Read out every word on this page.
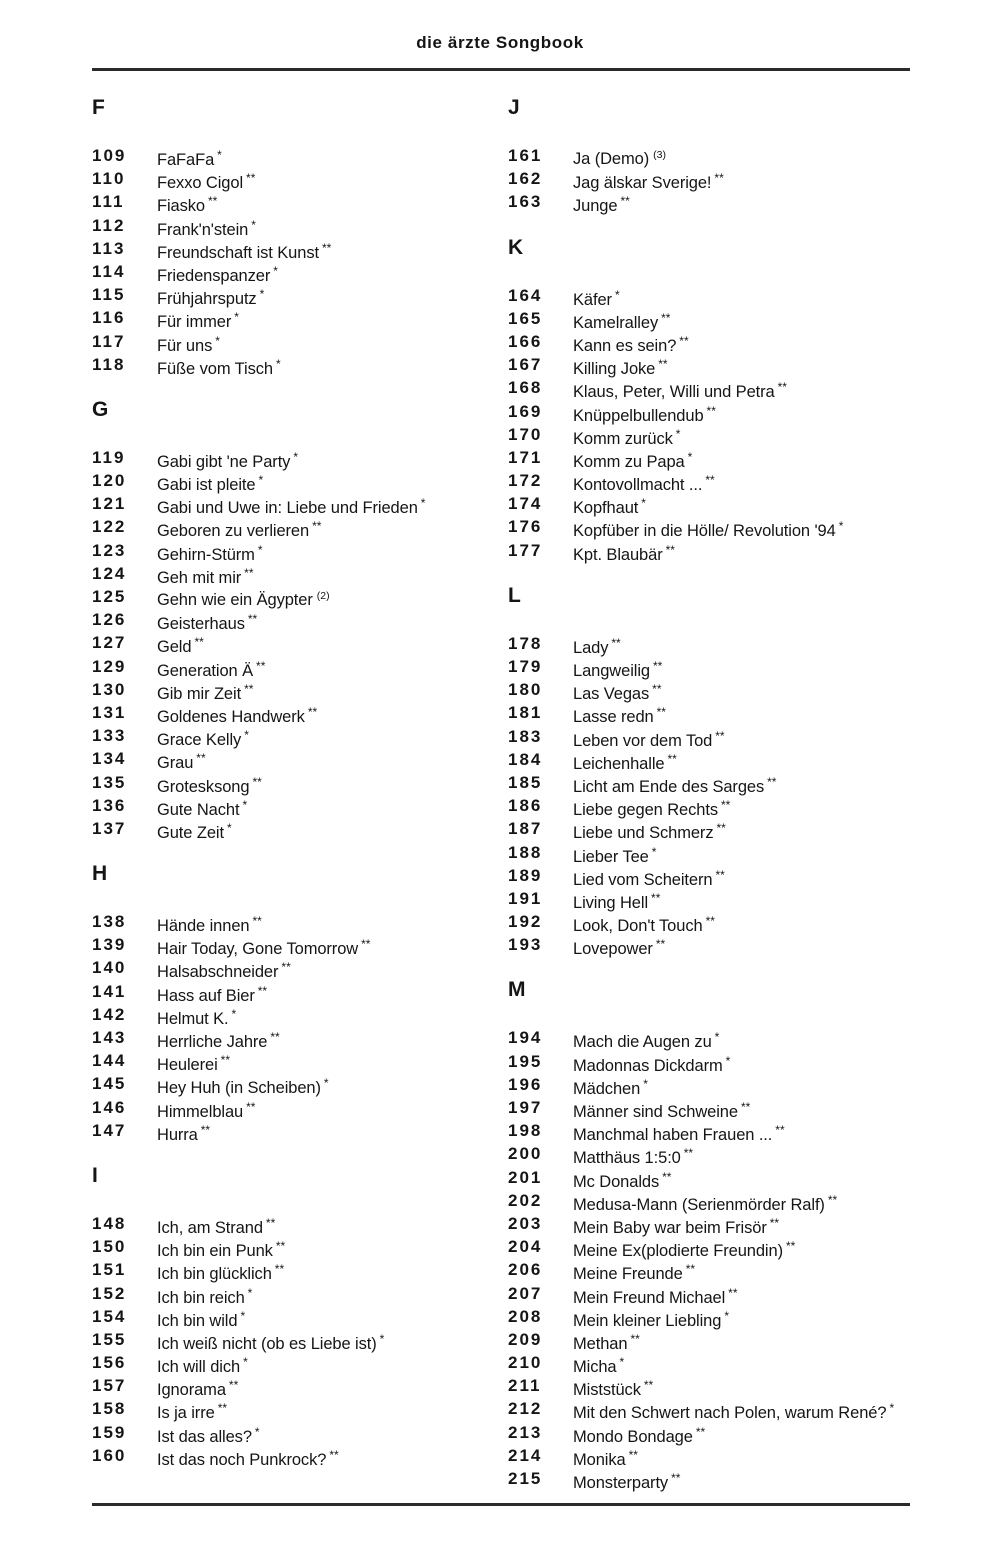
die ärzte Songbook
F
109	FaFaFa *
110	Fexxo Cigol **
111	Fiasko **
112	Frank'n'stein *
113	Freundschaft ist Kunst **
114	Friedenspanzer *
115	Frühjahrsputz *
116	Für immer *
117	Für uns *
118	Füße vom Tisch *
G
119	Gabi gibt 'ne Party *
120	Gabi ist pleite *
121	Gabi und Uwe in: Liebe und Frieden *
122	Geboren zu verlieren **
123	Gehirn-Stürm *
124	Geh mit mir **
125	Gehn wie ein Ägypter $^{(2)}$
126	Geisterhaus **
127	Geld **
129	Generation Ä **
130	Gib mir Zeit **
131	Goldenes Handwerk **
133	Grace Kelly *
134	Grau **
135	Grotesksong **
136	Gute Nacht *
137	Gute Zeit *
H
138	Hände innen **
139	Hair Today, Gone Tomorrow **
140	Halsabschneider **
141	Hass auf Bier **
142	Helmut K. *
143	Herrliche Jahre **
144	Heulerei **
145	Hey Huh (in Scheiben) *
146	Himmelblau **
147	Hurra **
I
148	Ich, am Strand **
150	Ich bin ein Punk **
151	Ich bin glücklich **
152	Ich bin reich *
154	Ich bin wild *
155	Ich weiß nicht (ob es Liebe ist) *
156	Ich will dich *
157	Ignorama **
158	Is ja irre **
159	Ist das alles? *
160	Ist das noch Punkrock? **
J
161	Ja (Demo) $^{(3)}$
162	Jag älskar Sverige! **
163	Junge **
K
164	Käfer *
165	Kamelralley **
166	Kann es sein? **
167	Killing Joke **
168	Klaus, Peter, Willi und Petra **
169	Knüppelbullendub **
170	Komm zurück *
171	Komm zu Papa *
172	Kontovollmacht ... **
174	Kopfhaut *
176	Kopfüber in die Hölle/ Revolution '94 *
177	Kpt. Blaubär **
L
178	Lady **
179	Langweilig **
180	Las Vegas **
181	Lasse redn **
183	Leben vor dem Tod **
184	Leichenhalle **
185	Licht am Ende des Sarges **
186	Liebe gegen Rechts **
187	Liebe und Schmerz **
188	Lieber Tee *
189	Lied vom Scheitern **
191	Living Hell **
192	Look, Don't Touch **
193	Lovepower **
M
194	Mach die Augen zu *
195	Madonnas Dickdarm *
196	Mädchen *
197	Männer sind Schweine **
198	Manchmal haben Frauen ... **
200	Matthäus 1:5:0 **
201	Mc Donalds **
202	Medusa-Mann (Serienmörder Ralf) **
203	Mein Baby war beim Frisör **
204	Meine Ex(plodierte Freundin) **
206	Meine Freunde **
207	Mein Freund Michael **
208	Mein kleiner Liebling *
209	Methan **
210	Micha *
211	Miststück **
212	Mit den Schwert nach Polen, warum René? *
213	Mondo Bondage **
214	Monika **
215	Monsterparty **
